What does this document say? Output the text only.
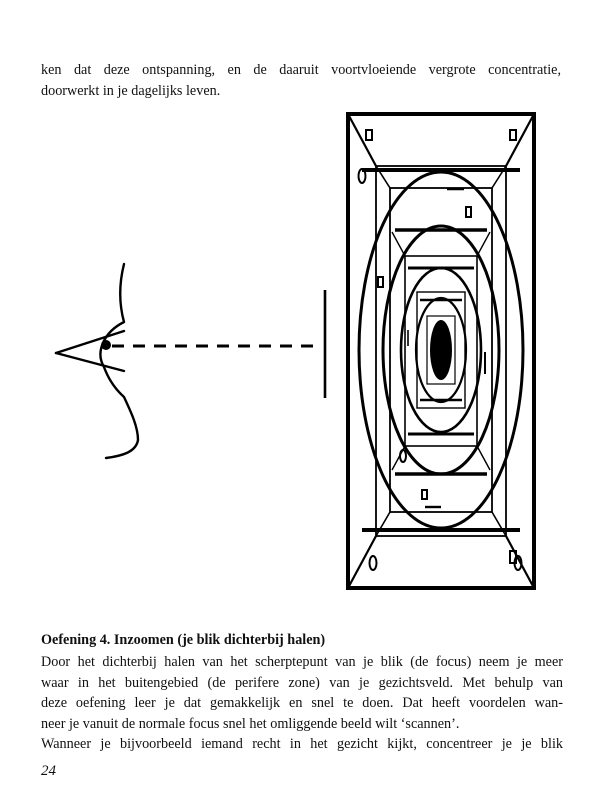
ken dat deze ontspanning, en de daaruit voortvloeiende vergrote concentratie,
doorwerkt in je dagelijks leven.

Oefening 4. Inzoomen (je blik dichterbij halen)

Door het dichterbij halen van het scherptepunt van je blik (de focus) neem je meer
waar in het buitengebied (de perifere zone) van je gezichtsveld. Met behulp van
deze oefening leer je dat gemakkelijk en snel te doen. Dat heeft voordelen wan-
neer je vanuit de normale focus snel het omliggende beeld wilt ‘scannen’.
Wanneer je bijvoorbeeld iemand recht in het gezicht kijkt, concentreer je je blik

24
